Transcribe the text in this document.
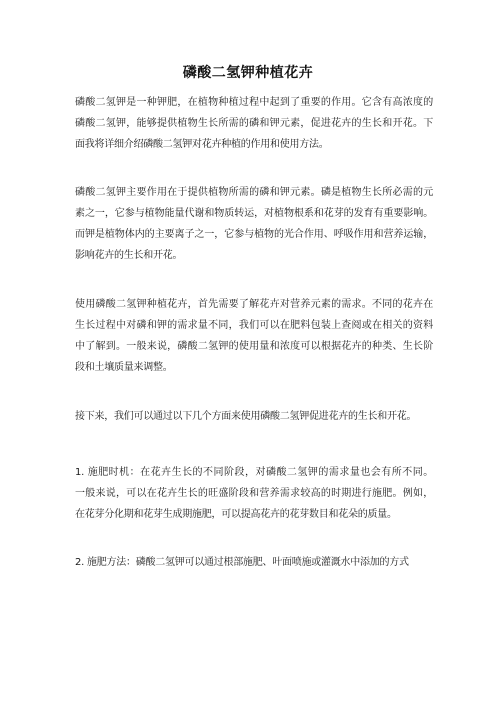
磷酸二氢钾种植花卉
磷酸二氢钾是一种钾肥，在植物种植过程中起到了重要的作用。它含有高浓度的
磷酸二氢钾，能够提供植物生长所需的磷和钾元素，促进花卉的生长和开花。下
面我将详细介绍磷酸二氢钾对花卉种植的作用和使用方法。
磷酸二氢钾主要作用在于提供植物所需的磷和钾元素。磷是植物生长所必需的元
素之一，它参与植物能量代谢和物质转运，对植物根系和花芽的发育有重要影响。
而钾是植物体内的主要离子之一，它参与植物的光合作用、呼吸作用和营养运输，
影响花卉的生长和开花。
使用磷酸二氢钾种植花卉，首先需要了解花卉对营养元素的需求。不同的花卉在
生长过程中对磷和钾的需求量不同，我们可以在肥料包装上查阅或在相关的资料
中了解到。一般来说，磷酸二氢钾的使用量和浓度可以根据花卉的种类、生长阶
段和土壤质量来调整。
接下来，我们可以通过以下几个方面来使用磷酸二氢钾促进花卉的生长和开花。
1. 施肥时机：在花卉生长的不同阶段，对磷酸二氢钾的需求量也会有所不同。
一般来说，可以在花卉生长的旺盛阶段和营养需求较高的时期进行施肥。例如，
在花芽分化期和花芽生成期施肥，可以提高花卉的花芽数目和花朵的质量。
2. 施肥方法：磷酸二氢钾可以通过根部施肥、叶面喷施或灌溉水中添加的方式
